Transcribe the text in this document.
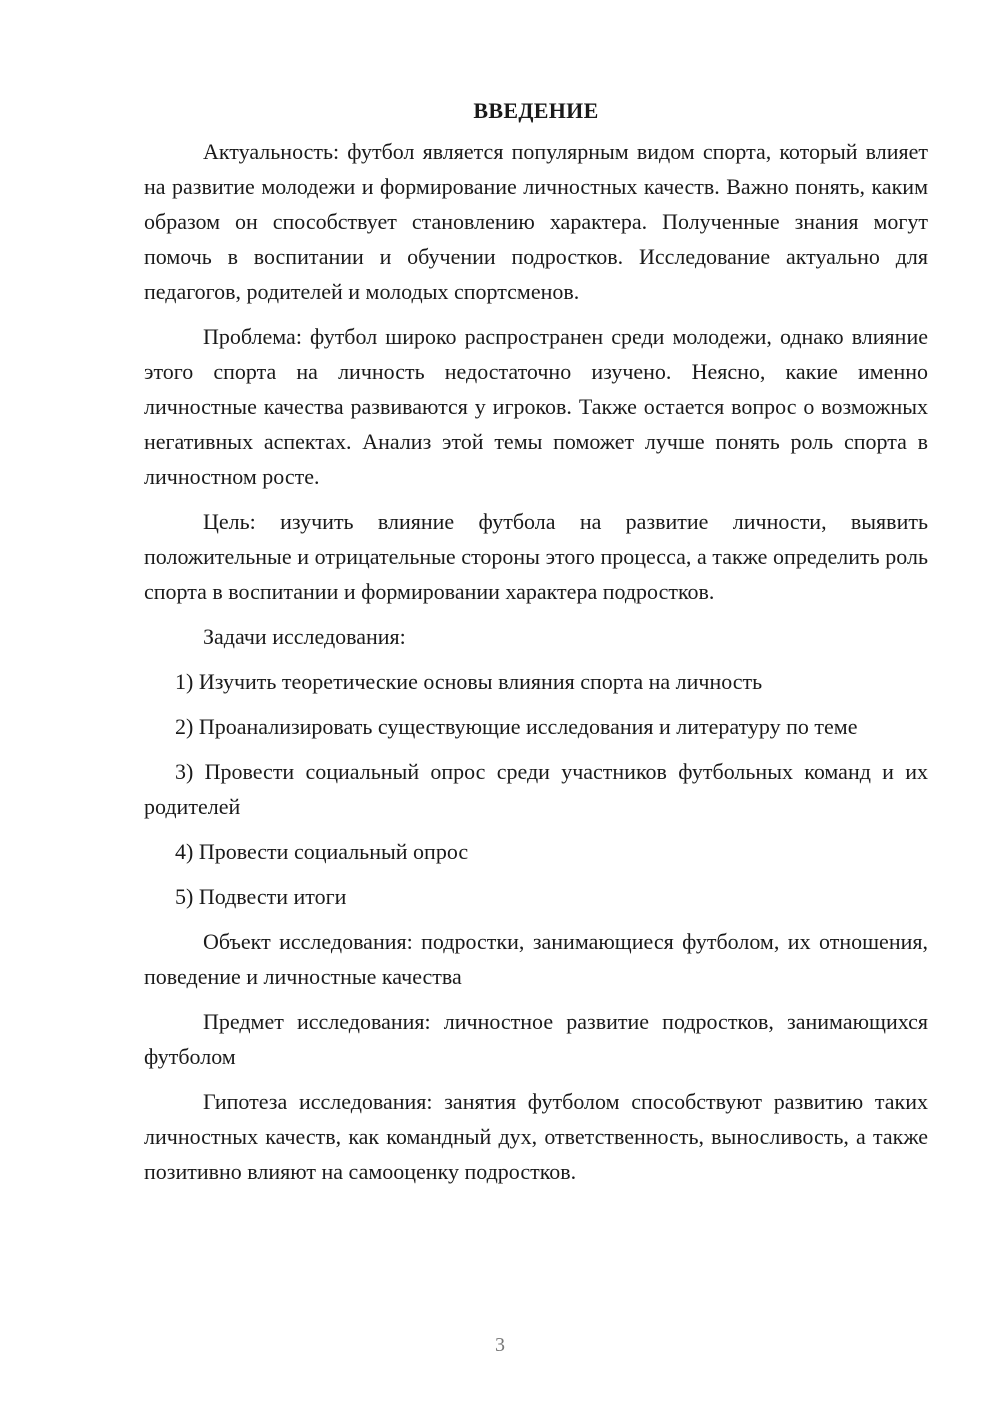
ВВЕДЕНИЕ

Актуальность: футбол является популярным видом спорта, который влияет на развитие молодежи и формирование личностных качеств. Важно понять, каким образом он способствует становлению характера. Полученные знания могут помочь в воспитании и обучении подростков. Исследование актуально для педагогов, родителей и молодых спортсменов.

Проблема: футбол широко распространен среди молодежи, однако влияние этого спорта на личность недостаточно изучено. Неясно, какие именно личностные качества развиваются у игроков. Также остается вопрос о возможных негативных аспектах. Анализ этой темы поможет лучше понять роль спорта в личностном росте.

Цель: изучить влияние футбола на развитие личности, выявить положительные и отрицательные стороны этого процесса, а также определить роль спорта в воспитании и формировании характера подростков.

Задачи исследования:

1) Изучить теоретические основы влияния спорта на личность

2) Проанализировать существующие исследования и литературу по теме

3) Провести социальный опрос среди участников футбольных команд и их родителей

4) Провести социальный опрос

5) Подвести итоги

Объект исследования: подростки, занимающиеся футболом, их отношения, поведение и личностные качества

Предмет исследования: личностное развитие подростков, занимающихся футболом

Гипотеза исследования: занятия футболом способствуют развитию таких личностных качеств, как командный дух, ответственность, выносливость, а также позитивно влияют на самооценку подростков.

3
